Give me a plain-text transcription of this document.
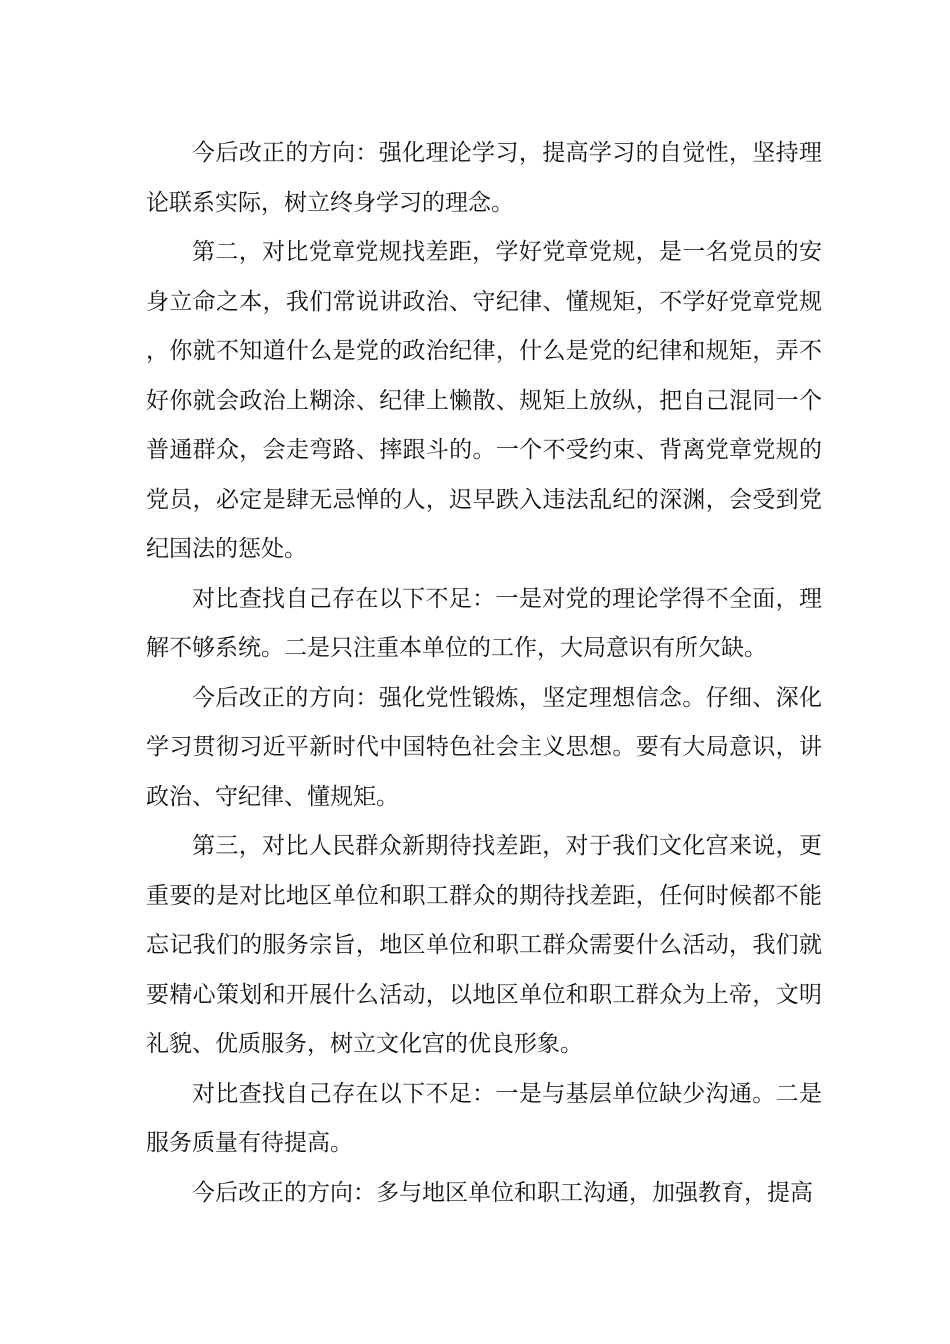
今后改正的方向：强化理论学习，提高学习的自觉性，坚持理论联系实际，树立终身学习的理念。

第二，对比党章党规找差距，学好党章党规，是一名党员的安身立命之本，我们常说讲政治、守纪律、懂规矩，不学好党章党规，你就不知道什么是党的政治纪律，什么是党的纪律和规矩，弄不好你就会政治上糊涂、纪律上懒散、规矩上放纵，把自己混同一个普通群众，会走弯路、摔跟斗的。一个不受约束、背离党章党规的党员，必定是肆无忌惮的人，迟早跌入违法乱纪的深渊，会受到党纪国法的惩处。

对比查找自己存在以下不足：一是对党的理论学得不全面，理解不够系统。二是只注重本单位的工作，大局意识有所欠缺。

今后改正的方向：强化党性锻炼，坚定理想信念。仔细、深化学习贯彻习近平新时代中国特色社会主义思想。要有大局意识，讲政治、守纪律、懂规矩。

第三，对比人民群众新期待找差距，对于我们文化宫来说，更重要的是对比地区单位和职工群众的期待找差距，任何时候都不能忘记我们的服务宗旨，地区单位和职工群众需要什么活动，我们就要精心策划和开展什么活动，以地区单位和职工群众为上帝，文明礼貌、优质服务，树立文化宫的优良形象。

对比查找自己存在以下不足：一是与基层单位缺少沟通。二是服务质量有待提高。

今后改正的方向：多与地区单位和职工沟通，加强教育，提高
